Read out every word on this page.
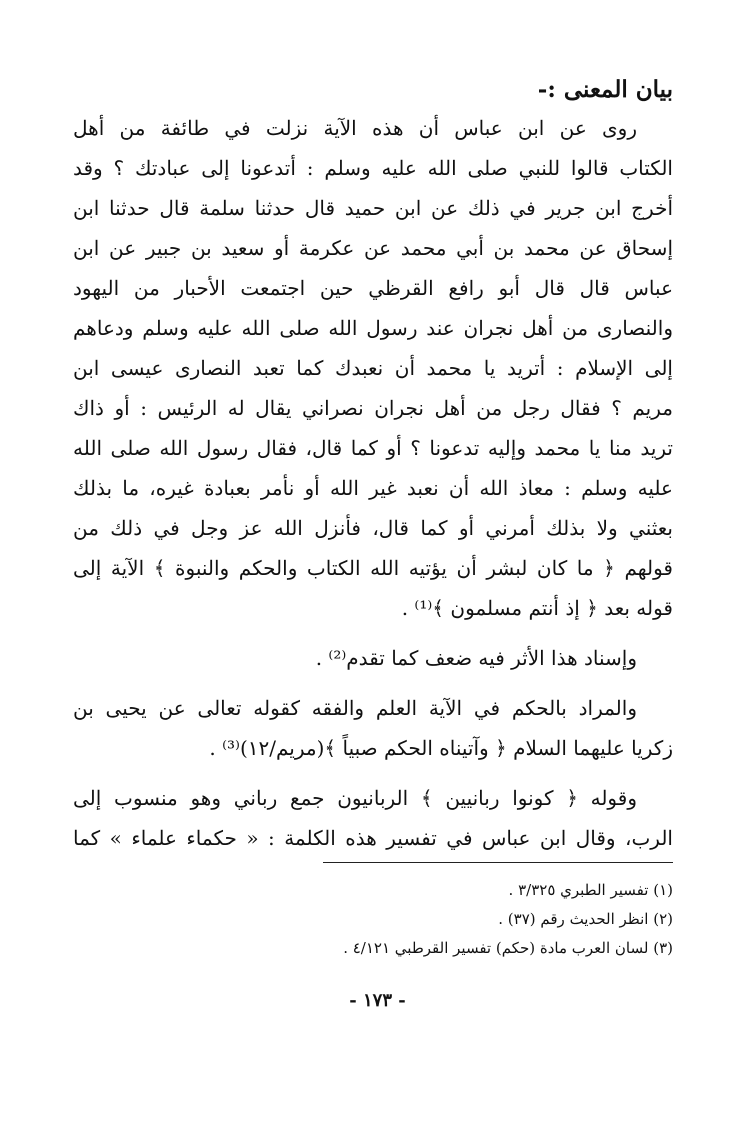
بيان المعنى :-
روى عن ابن عباس أن هذه الآية نزلت في طائفة من أهل
الكتاب قالوا للنبي صلى الله عليه وسلم : أتدعونا إلى عبادتك ؟ وقد
أخرج ابن جرير في ذلك عن ابن حميد قال حدثنا سلمة قال حدثنا ابن
إسحاق عن محمد بن أبي محمد عن عكرمة أو سعيد بن جبير عن ابن
عباس قال قال أبو رافع القرظي حين اجتمعت الأحبار من اليهود
والنصارى من أهل نجران عند رسول الله صلى الله عليه وسلم ودعاهم
إلى الإسلام : أتريد يا محمد أن نعبدك كما تعبد النصارى عيسى ابن
مريم ؟ فقال رجل من أهل نجران نصراني يقال له الرئيس : أو ذاك
تريد منا يا محمد وإليه تدعونا ؟ أو كما قال، فقال رسول الله صلى الله
عليه وسلم : معاذ الله أن نعبد غير الله أو نأمر بعبادة غيره، ما بذلك
بعثني ولا بذلك أمرني أو كما قال، فأنزل الله عز وجل في ذلك من
قولهم ﴿ ما كان لبشر أن يؤتيه الله الكتاب والحكم والنبوة ﴾ الآية إلى
قوله بعد ﴿ إذ أنتم مسلمون ﴾⁽¹⁾ .
وإسناد هذا الأثر فيه ضعف كما تقدم⁽²⁾ .
والمراد بالحكم في الآية العلم والفقه كقوله تعالى عن يحيى بن
زكريا عليهما السلام ﴿ وآتيناه الحكم صبياً ﴾(مريم/١٢)⁽³⁾ .
وقوله ﴿ كونوا ربانيين ﴾ الربانيون جمع رباني وهو منسوب إلى
الرب، وقال ابن عباس في تفسير هذه الكلمة : « حكماء علماء » كما
(١) تفسير الطبري ٣/٣٢٥ .
(٢) انظر الحديث رقم (٣٧) .
(٣) لسان العرب مادة (حكم) تفسير القرطبي ٤/١٢١ .
- ١٧٣ -
